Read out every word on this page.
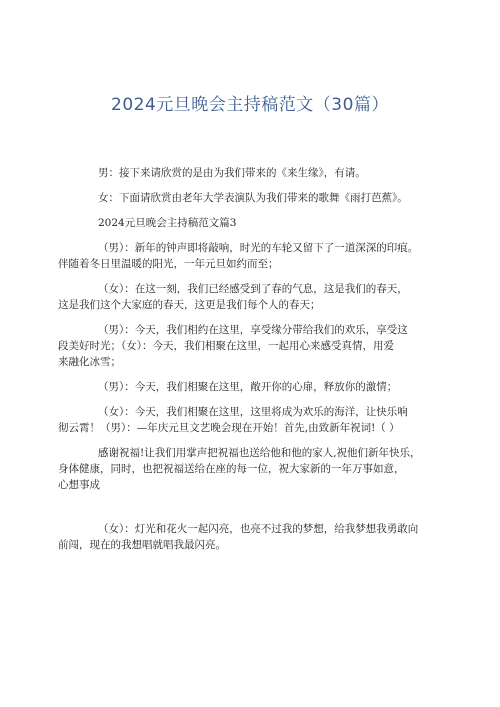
2024元旦晚会主持稿范文（30篇）
男：接下来请欣赏的是由为我们带来的《来生缘》，有请。
女：下面请欣赏由老年大学表演队为我们带来的歌舞《雨打芭蕉》。
2024元旦晚会主持稿范文篇3
（男）：新年的钟声即将敲响，时光的车轮又留下了一道深深的印痕。
伴随着冬日里温暖的阳光，一年元旦如约而至；
（女）：在这一刻，我们已经感受到了春的气息，这是我们的春天，
这是我们这个大家庭的春天，这更是我们每个人的春天；
（男）：今天，我们相约在这里，享受缘分带给我们的欢乐，享受这
段美好时光；（女）：今天，我们相聚在这里，一起用心来感受真情，用爱
来融化冰雪；
（男）：今天，我们相聚在这里，敞开你的心扉，释放你的激情；
（女）：今天，我们相聚在这里，这里将成为欢乐的海洋，让快乐响
彻云霄！（男）：—年庆元旦文艺晚会现在开始！首先,由致新年祝词!（ ）
感谢祝福!让我们用掌声把祝福也送给他和他的家人,祝他们新年快乐，
身体健康，同时，也把祝福送给在座的每一位，祝大家新的一年万事如意，
心想事成
（女）：灯光和花火一起闪亮，也亮不过我的梦想，给我梦想我勇敢向
前闯，现在的我想唱就唱我最闪亮。
